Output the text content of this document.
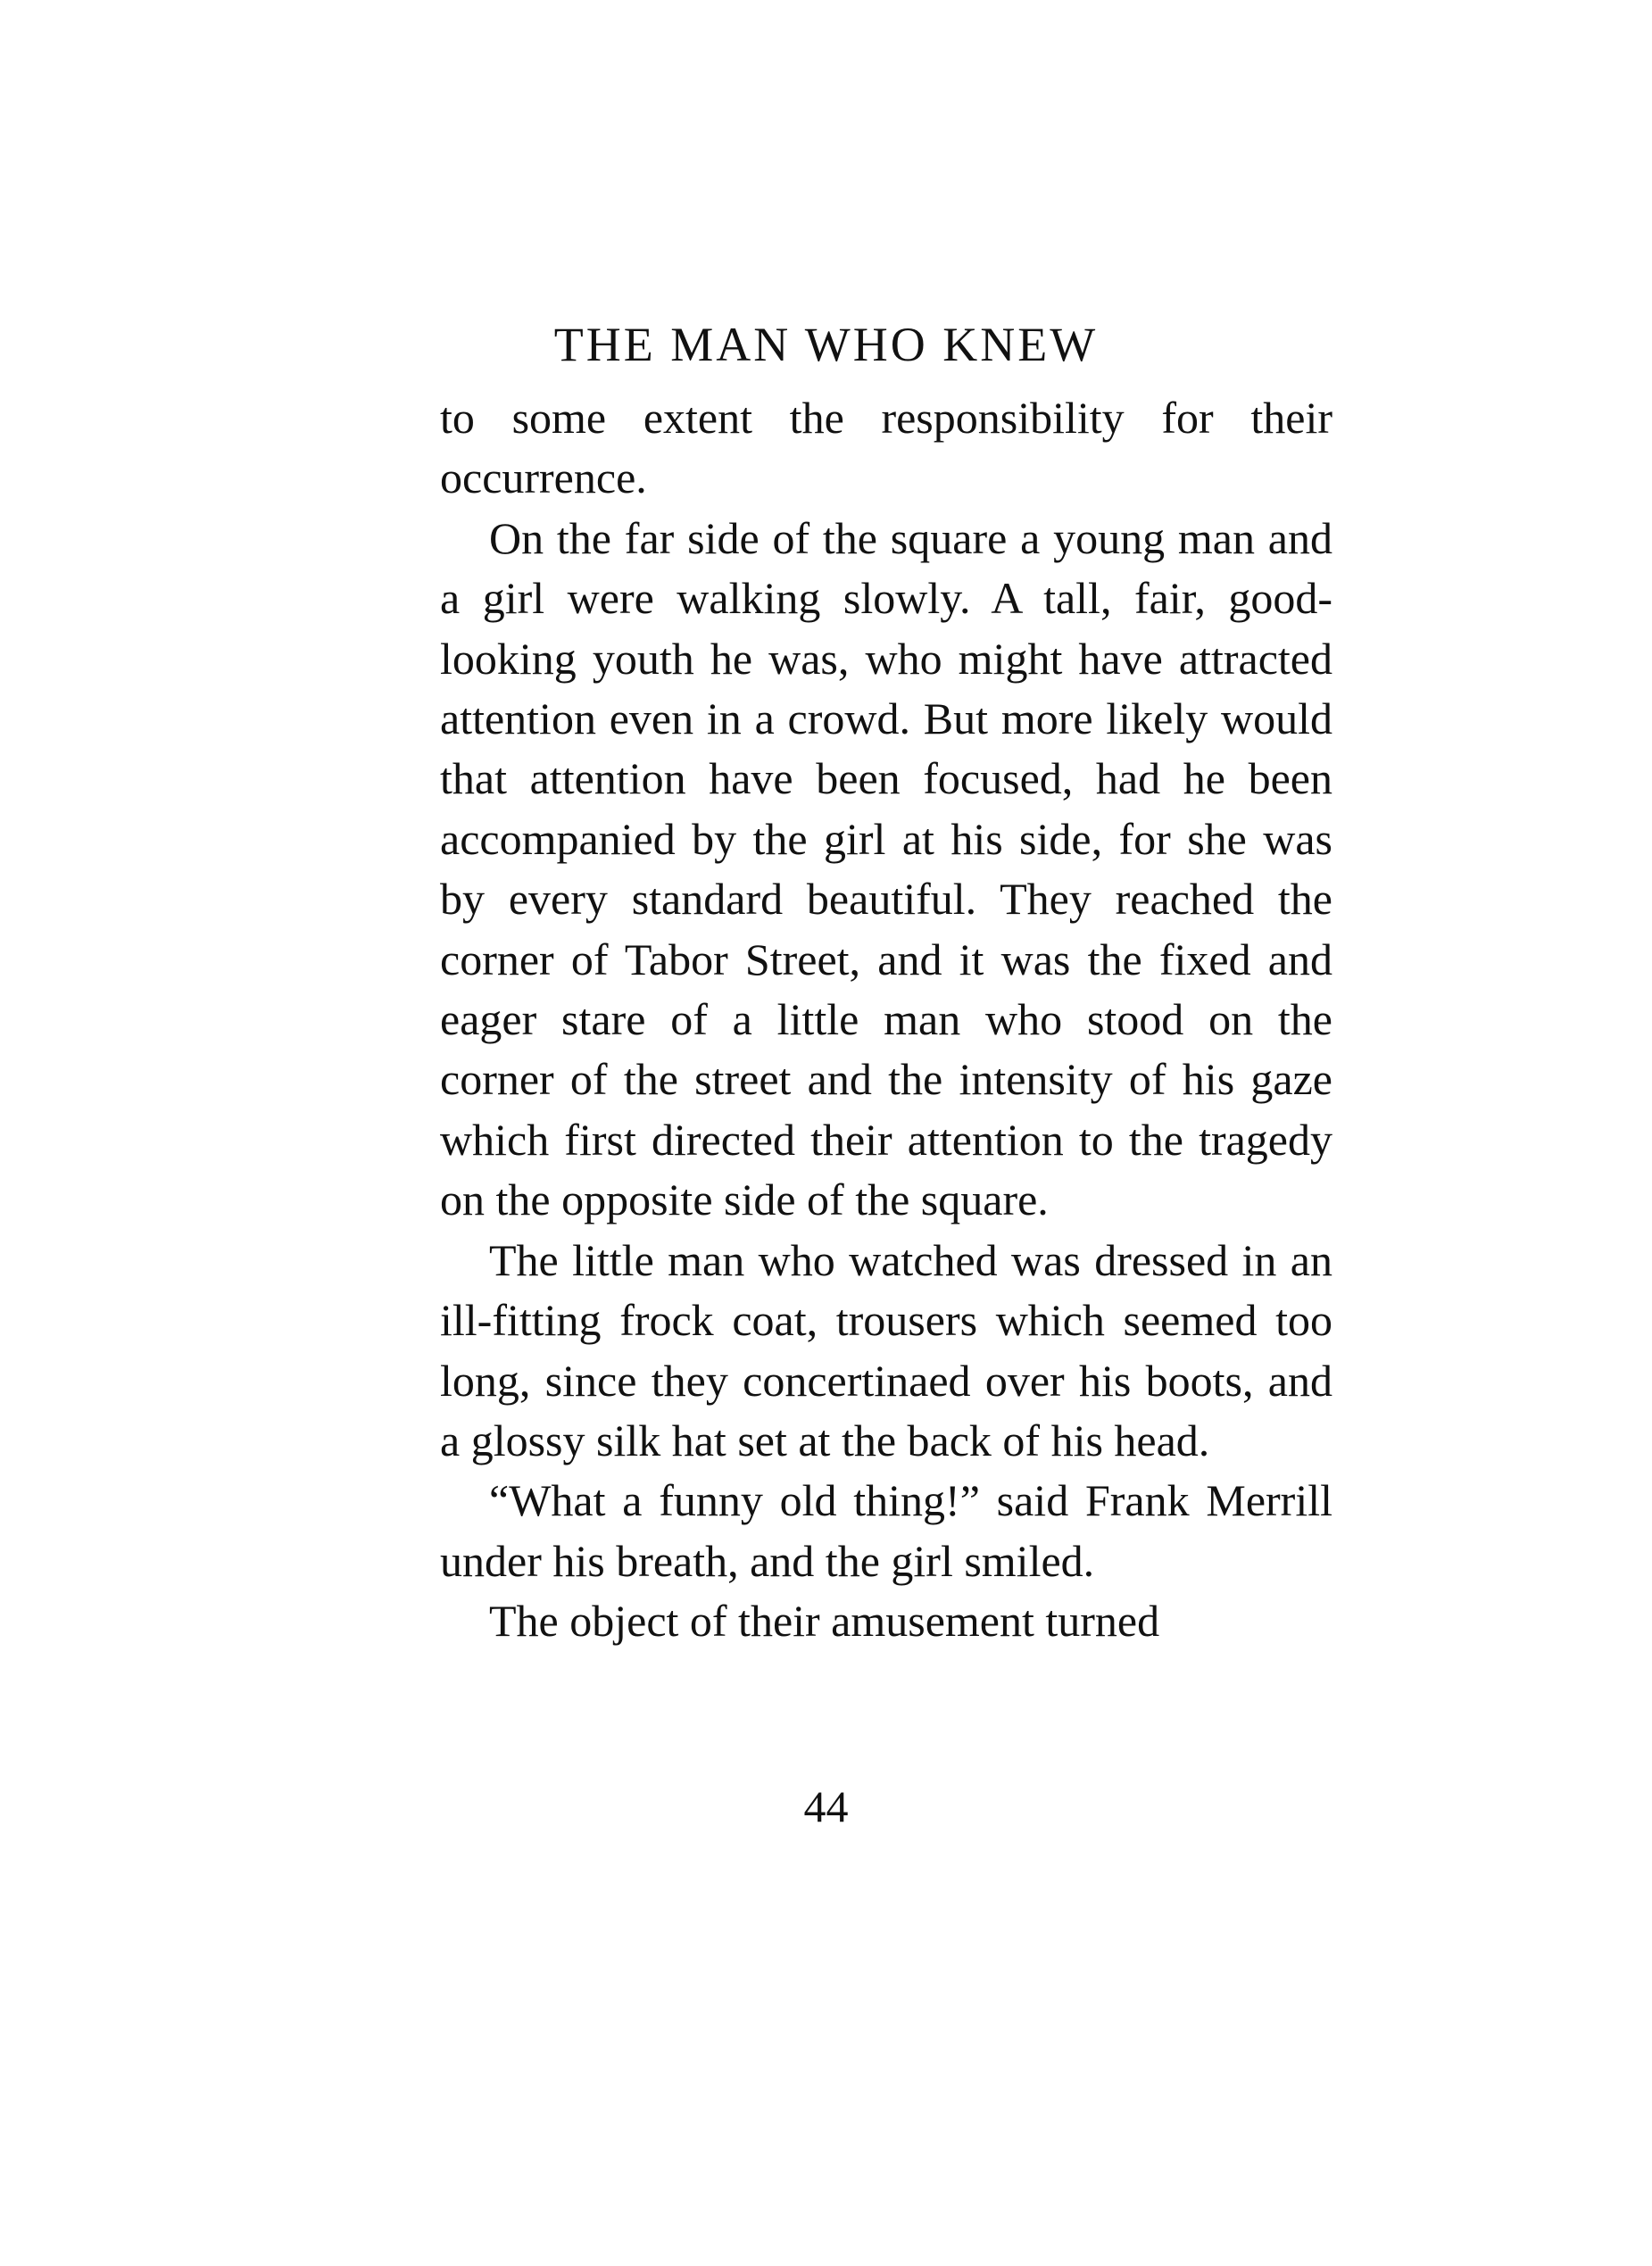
THE MAN WHO KNEW

to some extent the responsibility for their occurrence.

On the far side of the square a young man and a girl were walking slowly. A tall, fair, good-looking youth he was, who might have attracted attention even in a crowd. But more likely would that attention have been focused, had he been accompanied by the girl at his side, for she was by every standard beautiful. They reached the corner of Tabor Street, and it was the fixed and eager stare of a little man who stood on the corner of the street and the intensity of his gaze which first directed their attention to the tragedy on the opposite side of the square.

The little man who watched was dressed in an ill-fitting frock coat, trousers which seemed too long, since they concertinaed over his boots, and a glossy silk hat set at the back of his head.

“What a funny old thing!” said Frank Merrill under his breath, and the girl smiled.

The object of their amusement turned

44
